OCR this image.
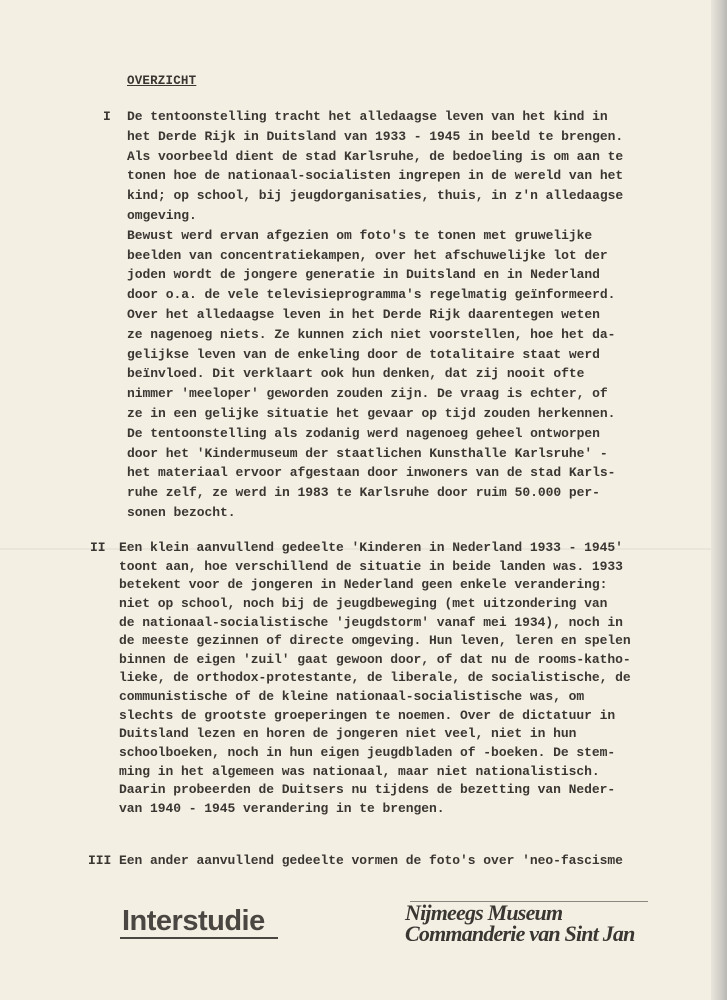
OVERZICHT
I De tentoonstelling tracht het alledaagse leven van het kind in
het Derde Rijk in Duitsland van 1933 - 1945 in beeld te brengen.
Als voorbeeld dient de stad Karlsruhe, de bedoeling is om aan te
tonen hoe de nationaal-socialisten ingrepen in de wereld van het
kind; op school, bij jeugdorganisaties, thuis, in z'n alledaagse
omgeving.
Bewust werd ervan afgezien om foto's te tonen met gruwelijke
beelden van concentratiekampen, over het afschuwelijke lot der
joden wordt de jongere generatie in Duitsland en in Nederland
door o.a. de vele televisieprogramma's regelmatig geïnformeerd.
Over het alledaagse leven in het Derde Rijk daarentegen weten
ze nagenoeg niets. Ze kunnen zich niet voorstellen, hoe het da-
gelijkse leven van de enkeling door de totalitaire staat werd
beïnvloed. Dit verklaart ook hun denken, dat zij nooit ofte
nimmer 'meeloper' geworden zouden zijn. De vraag is echter, of
ze in een gelijke situatie het gevaar op tijd zouden herkennen.
De tentoonstelling als zodanig werd nagenoeg geheel ontworpen
door het 'Kindermuseum der staatlichen Kunsthalle Karlsruhe' -
het materiaal ervoor afgestaan door inwoners van de stad Karls-
ruhe zelf, ze werd in 1983 te Karlsruhe door ruim 50.000 per-
sonen bezocht.
II Een klein aanvullend gedeelte 'Kinderen in Nederland 1933 - 1945'
toont aan, hoe verschillend de situatie in beide landen was. 1933
betekent voor de jongeren in Nederland geen enkele verandering:
niet op school, noch bij de jeugdbeweging (met uitzondering van
de nationaal-socialistische 'jeugdstorm' vanaf mei 1934), noch in
de meeste gezinnen of directe omgeving. Hun leven, leren en spelen
binnen de eigen 'zuil' gaat gewoon door, of dat nu de rooms-katho-
lieke, de orthodox-protestante, de liberale, de socialistische, de
communistische of de kleine nationaal-socialistische was, om
slechts de grootste groeperingen te noemen. Over de dictatuur in
Duitsland lezen en horen de jongeren niet veel, niet in hun
schoolboeken, noch in hun eigen jeugdbladen of -boeken. De stem-
ming in het algemeen was nationaal, maar niet nationalistisch.
Daarin probeerden de Duitsers nu tijdens de bezetting van Neder-
van 1940 - 1945 verandering in te brengen.
III Een ander aanvullend gedeelte vormen de foto's over 'neo-fascisme
Interstudie	Nijmeegs Museum
Commanderie van Sint Jan
